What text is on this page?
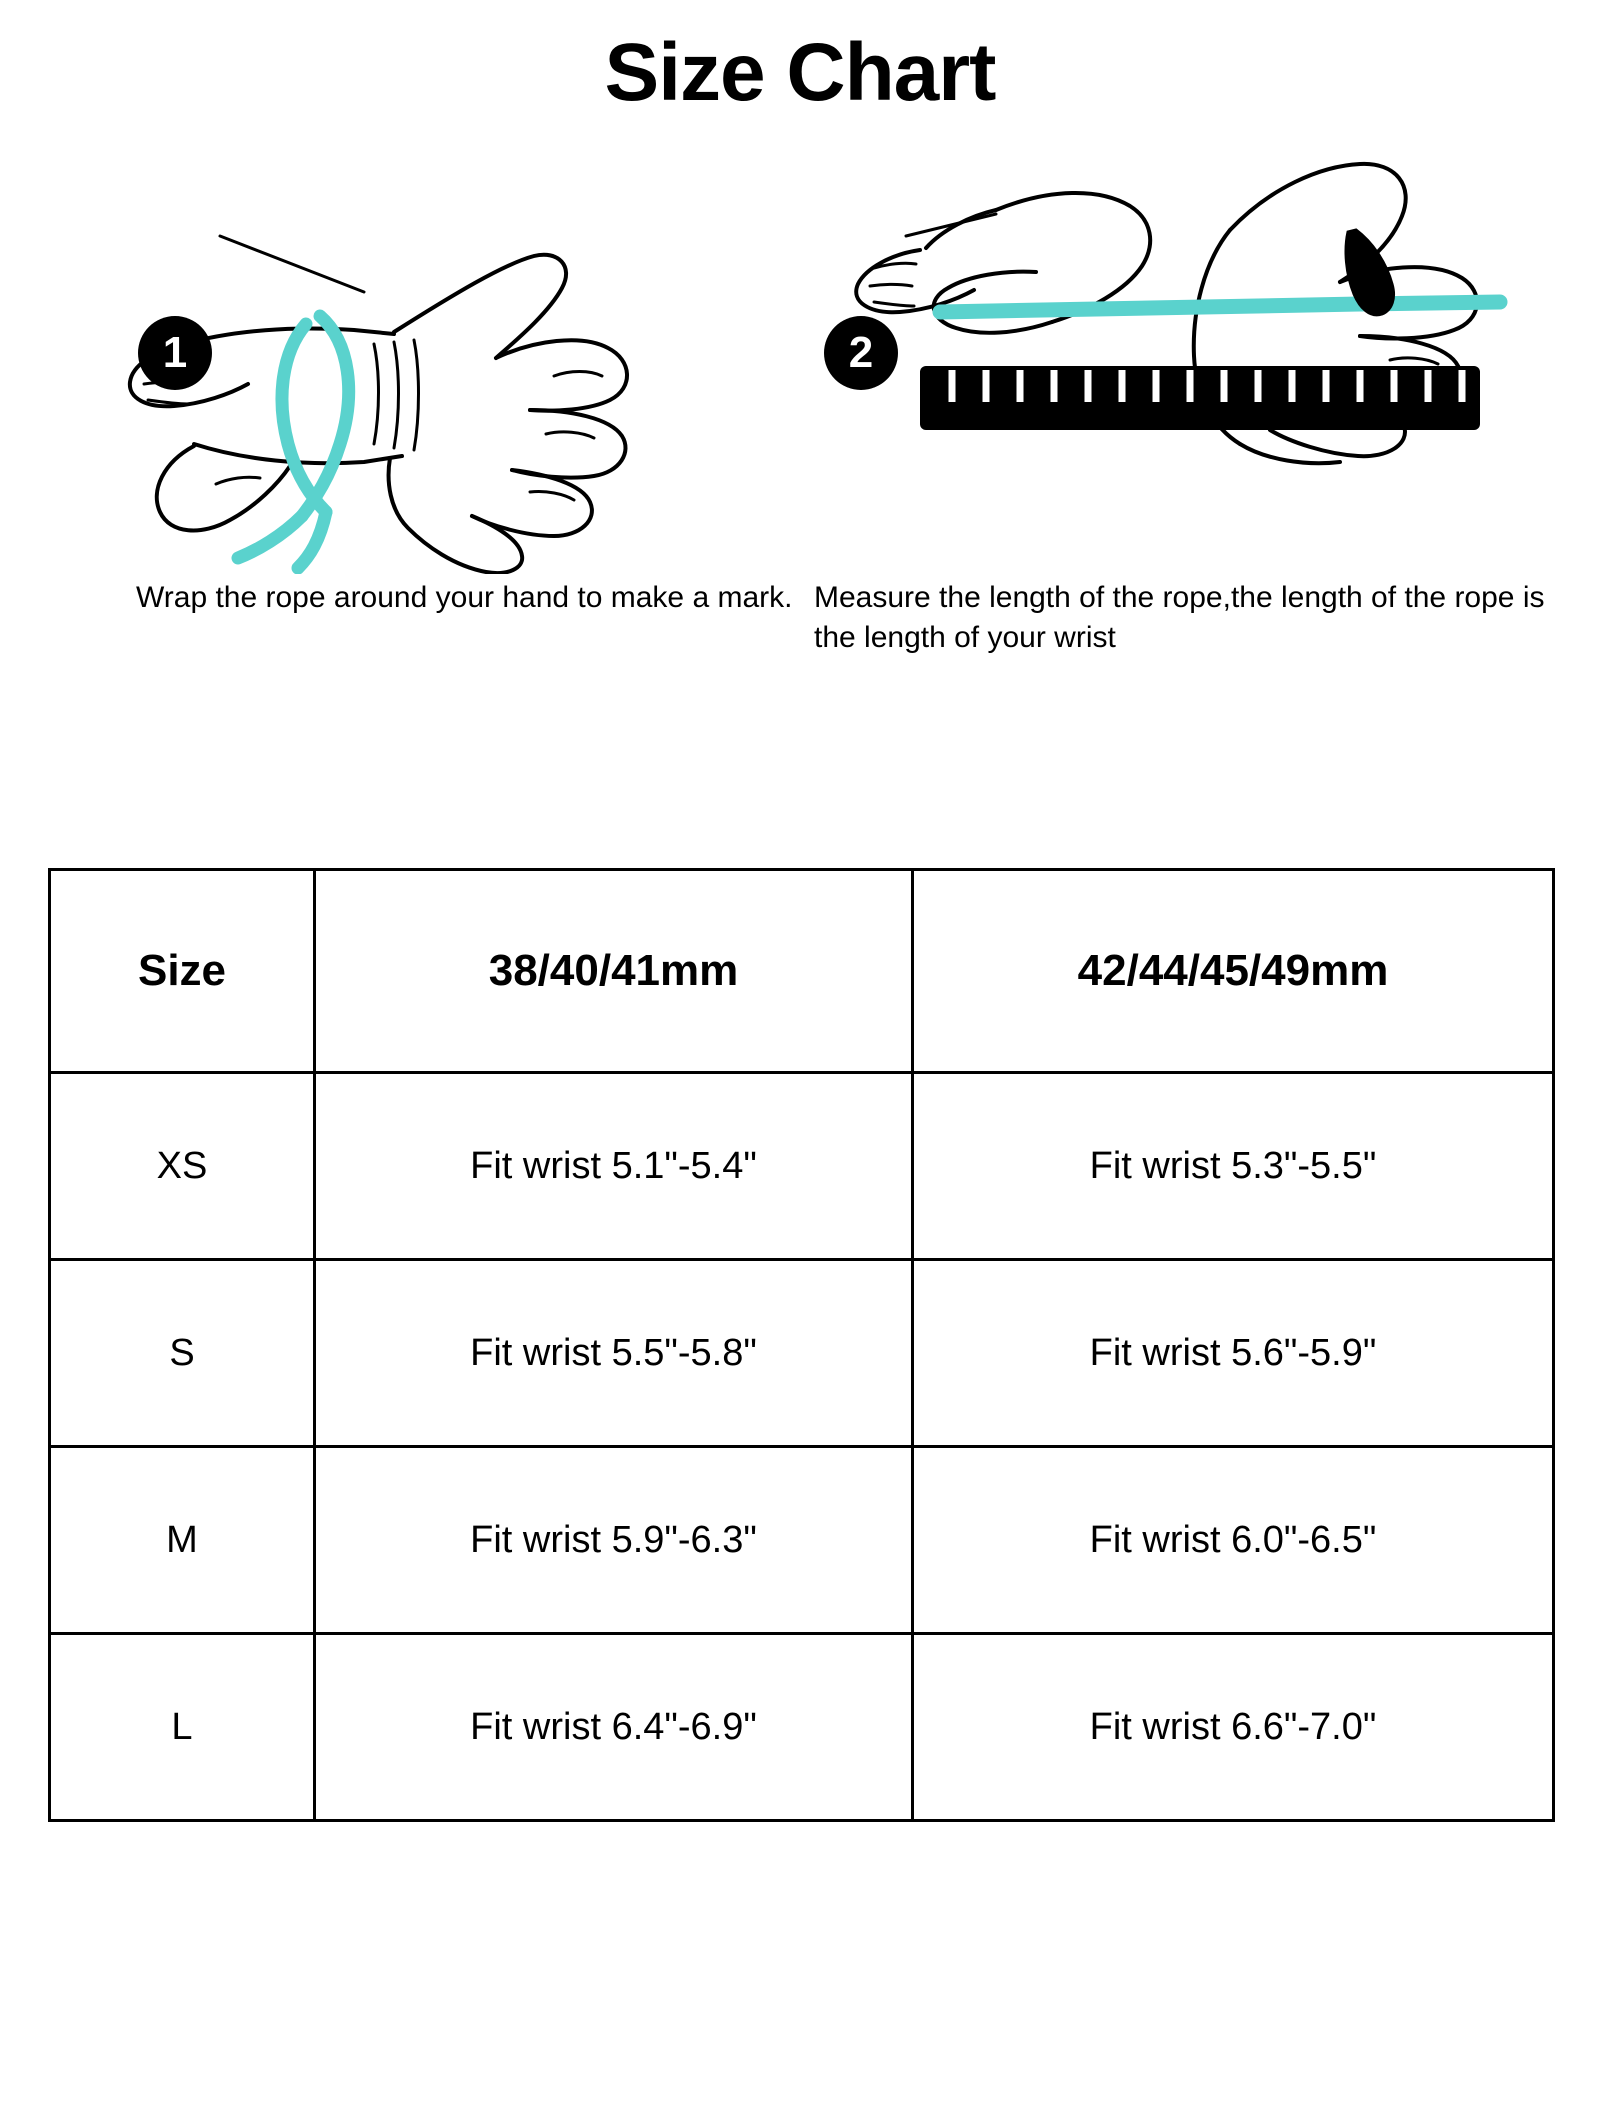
Size Chart
1
Wrap the rope around your hand to make a mark.
2
Measure the length of the rope,the length of the rope is the length of your wrist
Size	38/40/41mm	42/44/45/49mm
XS	Fit wrist 5.1"-5.4"	Fit wrist 5.3"-5.5"
S	Fit wrist 5.5"-5.8"	Fit wrist 5.6"-5.9"
M	Fit wrist 5.9"-6.3"	Fit wrist 6.0"-6.5"
L	Fit wrist 6.4"-6.9"	Fit wrist 6.6"-7.0"
